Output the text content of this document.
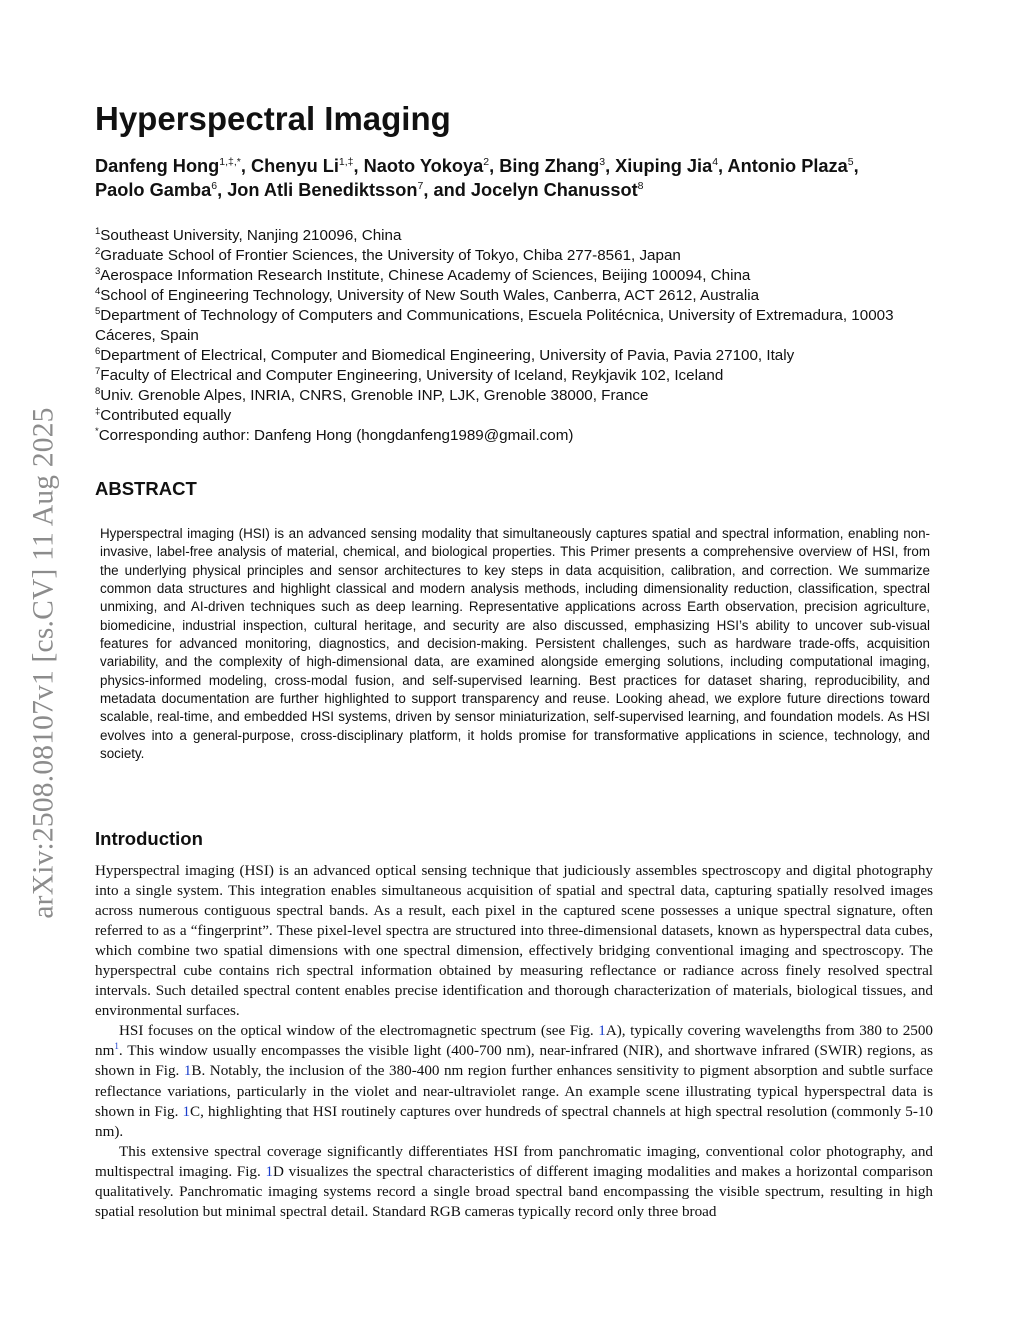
arXiv:2508.08107v1 [cs.CV] 11 Aug 2025
Hyperspectral Imaging
Danfeng Hong$^{1,\ddagger,*}$, Chenyu $Li^{1,\ddagger}$, Naoto Yokoya$^2$, Bing Zhang$^3$, Xiuping Jia$^4$, Antonio Plaza$^5$,
Paolo Gamba$^6$, Jon Atli Benediktsson$^7$, and Jocelyn Chanussot$^8$
$^1$Southeast University, Nanjing 210096, China
$^2$Graduate School of Frontier Sciences, the University of Tokyo, Chiba 277-8561, Japan
$^3$Aerospace Information Research Institute, Chinese Academy of Sciences, Beijing 100094, China
$^4$School of Engineering Technology, University of New South Wales, Canberra, ACT 2612, Australia
$^5$Department of Technology of Computers and Communications, Escuela Politécnica, University of Extremadura, 10003 Cáceres, Spain
$^6$Department of Electrical, Computer and Biomedical Engineering, University of Pavia, Pavia 27100, Italy
$^7$Faculty of Electrical and Computer Engineering, University of Iceland, Reykjavik 102, Iceland
$^8$Univ. Grenoble Alpes, INRIA, CNRS, Grenoble INP, LJK, Grenoble 38000, France
‡Contributed equally
*Corresponding author: Danfeng Hong (hongdanfeng1989@gmail.com)
ABSTRACT

Hyperspectral imaging (HSI) is an advanced sensing modality that simultaneously captures spatial and spectral information, enabling non-invasive, label-free analysis of material, chemical, and biological properties. This Primer presents a comprehensive overview of HSI, from the underlying physical principles and sensor architectures to key steps in data acquisition, calibration, and correction. We summarize common data structures and highlight classical and modern analysis methods, including dimensionality reduction, classification, spectral unmixing, and AI-driven techniques such as deep learning. Representative applications across Earth observation, precision agriculture, biomedicine, industrial inspection, cultural heritage, and security are also discussed, emphasizing HSI’s ability to uncover sub-visual features for advanced monitoring, diagnostics, and decision-making. Persistent challenges, such as hardware trade-offs, acquisition variability, and the complexity of high-dimensional data, are examined alongside emerging solutions, including computational imaging, physics-informed modeling, cross-modal fusion, and self-supervised learning. Best practices for dataset sharing, reproducibility, and metadata documentation are further highlighted to support transparency and reuse. Looking ahead, we explore future directions toward scalable, real-time, and embedded HSI systems, driven by sensor miniaturization, self-supervised learning, and foundation models. As HSI evolves into a general-purpose, cross-disciplinary platform, it holds promise for transformative applications in science, technology, and society.

Introduction

Hyperspectral imaging (HSI) is an advanced optical sensing technique that judiciously assembles spectroscopy and digital photography into a single system. This integration enables simultaneous acquisition of spatial and spectral data, capturing spatially resolved images across numerous contiguous spectral bands. As a result, each pixel in the captured scene possesses a unique spectral signature, often referred to as a “fingerprint”. These pixel-level spectra are structured into three-dimensional datasets, known as hyperspectral data cubes, which combine two spatial dimensions with one spectral dimension, effectively bridging conventional imaging and spectroscopy. The hyperspectral cube contains rich spectral information obtained by measuring reflectance or radiance across finely resolved spectral intervals. Such detailed spectral content enables precise identification and thorough characterization of materials, biological tissues, and environmental surfaces.

HSI focuses on the optical window of the electromagnetic spectrum (see Fig. 1A), typically covering wavelengths from 380 to 2500 nm$^1$. This window usually encompasses the visible light (400-700 nm), near-infrared (NIR), and shortwave infrared (SWIR) regions, as shown in Fig. 1B. Notably, the inclusion of the 380-400 nm region further enhances sensitivity to pigment absorption and subtle surface reflectance variations, particularly in the violet and near-ultraviolet range. An example scene illustrating typical hyperspectral data is shown in Fig. 1C, highlighting that HSI routinely captures over hundreds of spectral channels at high spectral resolution (commonly 5-10 nm).

This extensive spectral coverage significantly differentiates HSI from panchromatic imaging, conventional color photography, and multispectral imaging. Fig. 1D visualizes the spectral characteristics of different imaging modalities and makes a horizontal comparison qualitatively. Panchromatic imaging systems record a single broad spectral band encompassing the visible spectrum, resulting in high spatial resolution but minimal spectral detail. Standard RGB cameras typically record only three broad
